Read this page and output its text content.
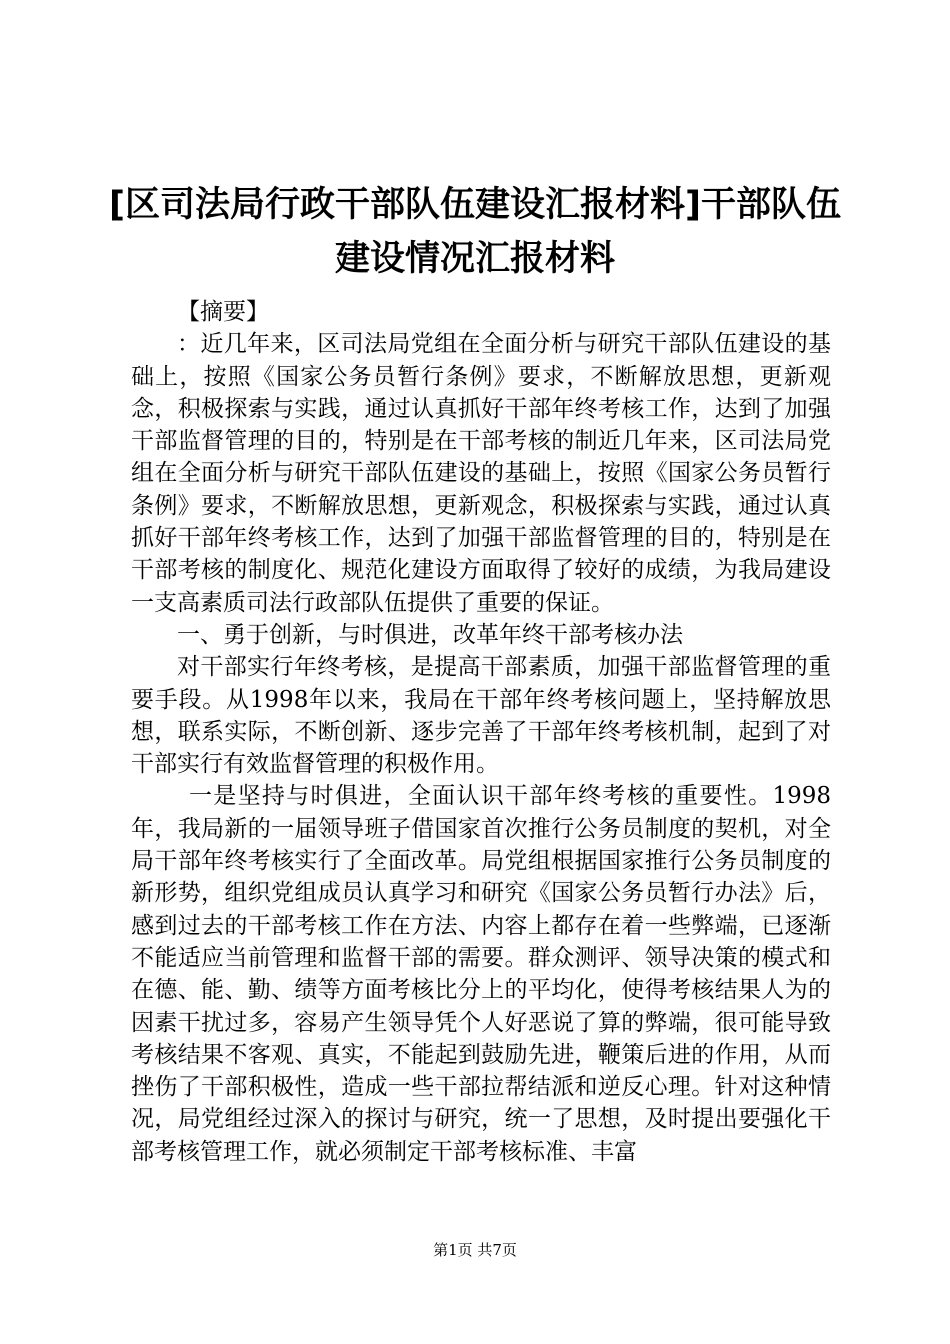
[区司法局行政干部队伍建设汇报材料]干部队伍建设情况汇报材料

【摘要】

：近几年来，区司法局党组在全面分析与研究干部队伍建设的基础上，按照《国家公务员暂行条例》要求，不断解放思想，更新观念，积极探索与实践，通过认真抓好干部年终考核工作，达到了加强干部监督管理的目的，特别是在干部考核的制近几年来，区司法局党组在全面分析与研究干部队伍建设的基础上，按照《国家公务员暂行条例》要求，不断解放思想，更新观念，积极探索与实践，通过认真抓好干部年终考核工作，达到了加强干部监督管理的目的，特别是在干部考核的制度化、规范化建设方面取得了较好的成绩，为我局建设一支高素质司法行政部队伍提供了重要的保证。

一、勇于创新，与时俱进，改革年终干部考核办法

对干部实行年终考核，是提高干部素质，加强干部监督管理的重要手段。从1998年以来，我局在干部年终考核问题上，坚持解放思想，联系实际，不断创新、逐步完善了干部年终考核机制，起到了对干部实行有效监督管理的积极作用。

一是坚持与时俱进，全面认识干部年终考核的重要性。1998年，我局新的一届领导班子借国家首次推行公务员制度的契机，对全局干部年终考核实行了全面改革。局党组根据国家推行公务员制度的新形势，组织党组成员认真学习和研究《国家公务员暂行办法》后，感到过去的干部考核工作在方法、内容上都存在着一些弊端，已逐渐不能适应当前管理和监督干部的需要。群众测评、领导决策的模式和在德、能、勤、绩等方面考核比分上的平均化，使得考核结果人为的因素干扰过多，容易产生领导凭个人好恶说了算的弊端，很可能导致考核结果不客观、真实，不能起到鼓励先进，鞭策后进的作用，从而挫伤了干部积极性，造成一些干部拉帮结派和逆反心理。针对这种情况，局党组经过深入的探讨与研究，统一了思想，及时提出要强化干部考核管理工作，就必须制定干部考核标准、丰富

第1页 共7页
